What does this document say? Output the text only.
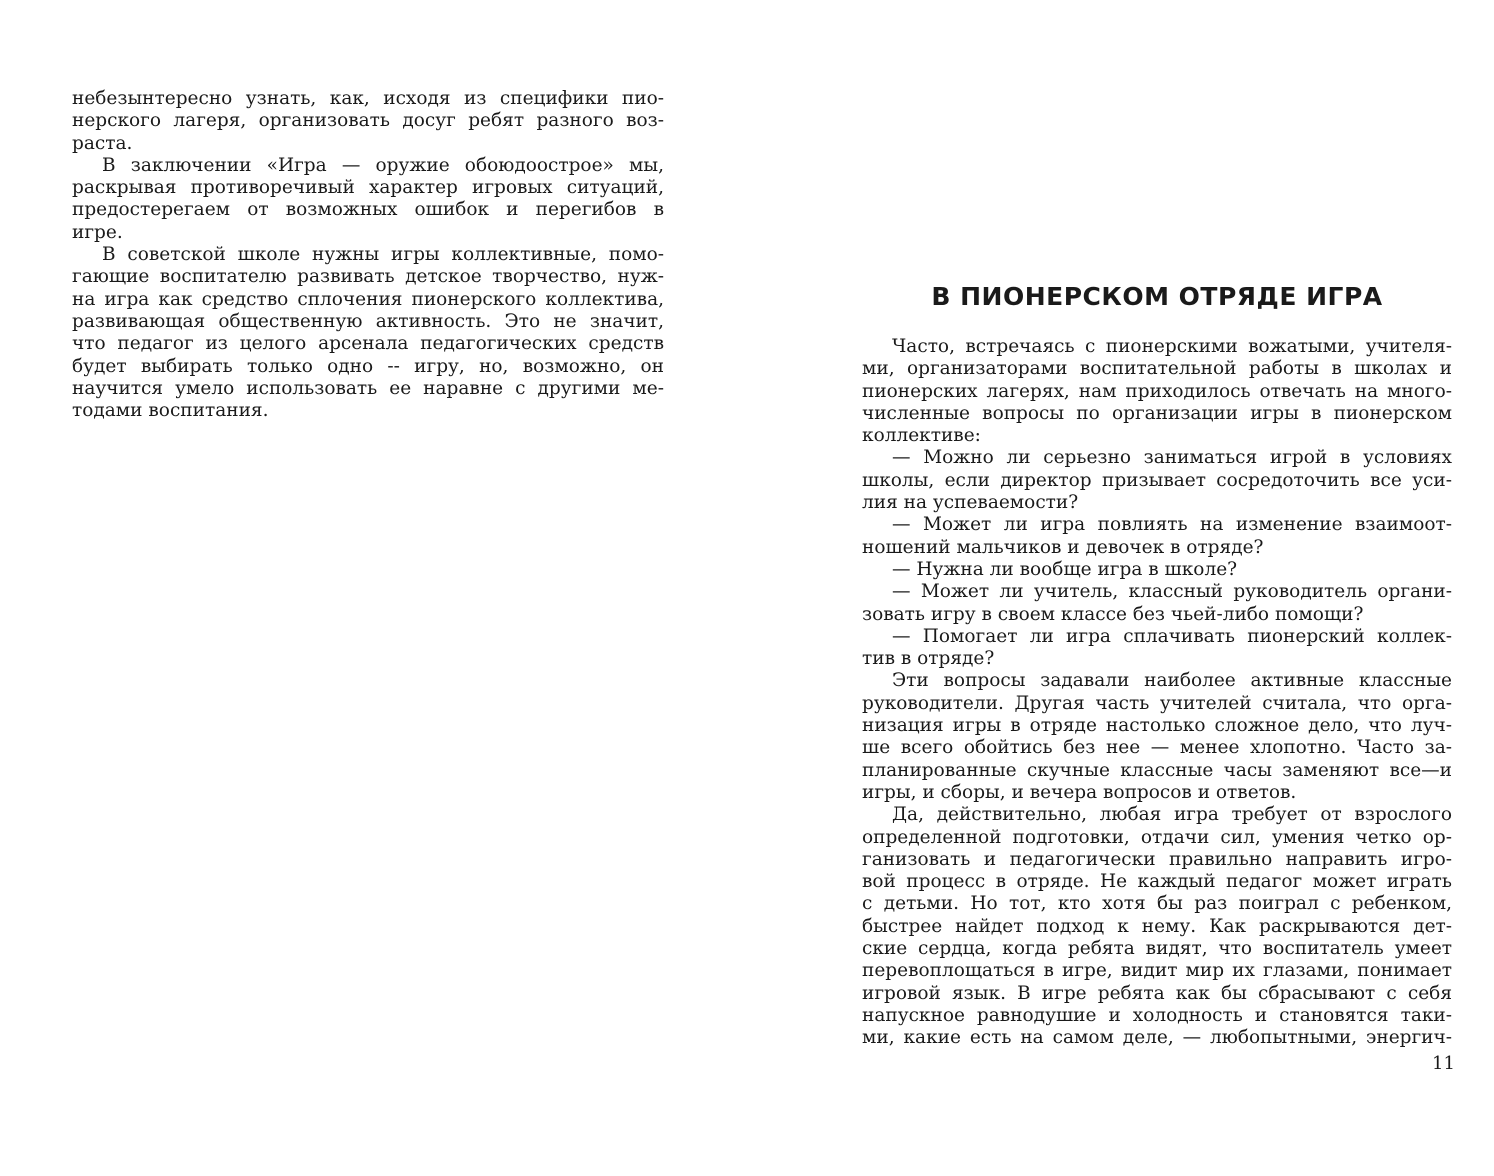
небезынтересно узнать, как, исходя из специфики пио-
нерского лагеря, организовать досуг ребят разного воз-
раста.
В заключении «Игра — оружие обоюдоострое» мы,
раскрывая противоречивый характер игровых ситуаций,
предостерегаем от возможных ошибок и перегибов в
игре.
В советской школе нужны игры коллективные, помо-
гающие воспитателю развивать детское творчество, нуж-
на игра как средство сплочения пионерского коллектива,
развивающая общественную активность. Это не значит,
что педагог из целого арсенала педагогических средств
будет выбирать только одно -- игру, но, возможно, он
научится умело использовать ее наравне с другими ме-
тодами воспитания.
В ПИОНЕРСКОМ ОТРЯДЕ ИГРА
Часто, встречаясь с пионерскими вожатыми, учителя-
ми, организаторами воспитательной работы в школах и
пионерских лагерях, нам приходилось отвечать на много-
численные вопросы по организации игры в пионерском
коллективе:
— Можно ли серьезно заниматься игрой в условиях
школы, если директор призывает сосредоточить все уси-
лия на успеваемости?
— Может ли игра повлиять на изменение взаимоот-
ношений мальчиков и девочек в отряде?
— Нужна ли вообще игра в школе?
— Может ли учитель, классный руководитель органи-
зовать игру в своем классе без чьей-либо помощи?
— Помогает ли игра сплачивать пионерский коллек-
тив в отряде?
Эти вопросы задавали наиболее активные классные
руководители. Другая часть учителей считала, что орга-
низация игры в отряде настолько сложное дело, что луч-
ше всего обойтись без нее — менее хлопотно. Часто за-
планированные скучные классные часы заменяют все—и
игры, и сборы, и вечера вопросов и ответов.
Да, действительно, любая игра требует от взрослого
определенной подготовки, отдачи сил, умения четко ор-
ганизовать и педагогически правильно направить игро-
вой процесс в отряде. Не каждый педагог может играть
с детьми. Но тот, кто хотя бы раз поиграл с ребенком,
быстрее найдет подход к нему. Как раскрываются дет-
ские сердца, когда ребята видят, что воспитатель умеет
перевоплощаться в игре, видит мир их глазами, понимает
игровой язык. В игре ребята как бы сбрасывают с себя
напускное равнодушие и холодность и становятся таки-
ми, какие есть на самом деле, — любопытными, энергич-
11
